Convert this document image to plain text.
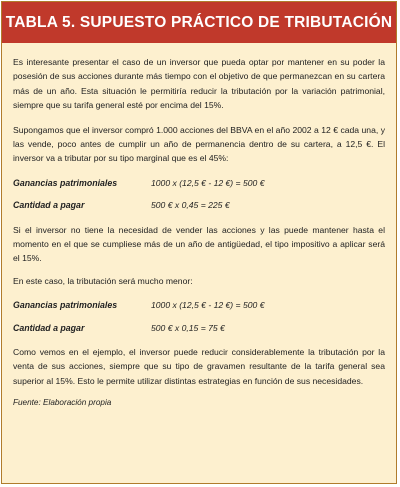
TABLA 5. SUPUESTO PRÁCTICO DE TRIBUTACIÓN

Es interesante presentar el caso de un inversor que pueda optar por mantener en su poder la posesión de sus acciones durante más tiempo con el objetivo de que permanezcan en su cartera más de un año. Esta situación le permitiría reducir la tributación por la variación patrimonial, siempre que su tarifa general esté por encima del 15%.

Supongamos que el inversor compró 1.000 acciones del BBVA en el año 2002 a 12 € cada una, y las vende, poco antes de cumplir un año de permanencia dentro de su cartera, a 12,5 €. El inversor va a tributar por su tipo marginal que es el 45%:

Ganancias patrimoniales	1000 x (12,5 € - 12 €) = 500 €
Cantidad a pagar	500 € x 0,45 = 225 €

Si el inversor no tiene la necesidad de vender las acciones y las puede mantener hasta el momento en el que se cumpliese más de un año de antigüedad, el tipo impositivo a aplicar será el 15%.

En este caso, la tributación será mucho menor:

Ganancias patrimoniales	1000 x (12,5 € - 12 €) = 500 €
Cantidad a pagar	500 € x 0,15 = 75 €

Como vemos en el ejemplo, el inversor puede reducir considerablemente la tributación por la venta de sus acciones, siempre que su tipo de gravamen resultante de la tarifa general sea superior al 15%. Esto le permite utilizar distintas estrategias en función de sus necesidades.

Fuente: Elaboración propia
